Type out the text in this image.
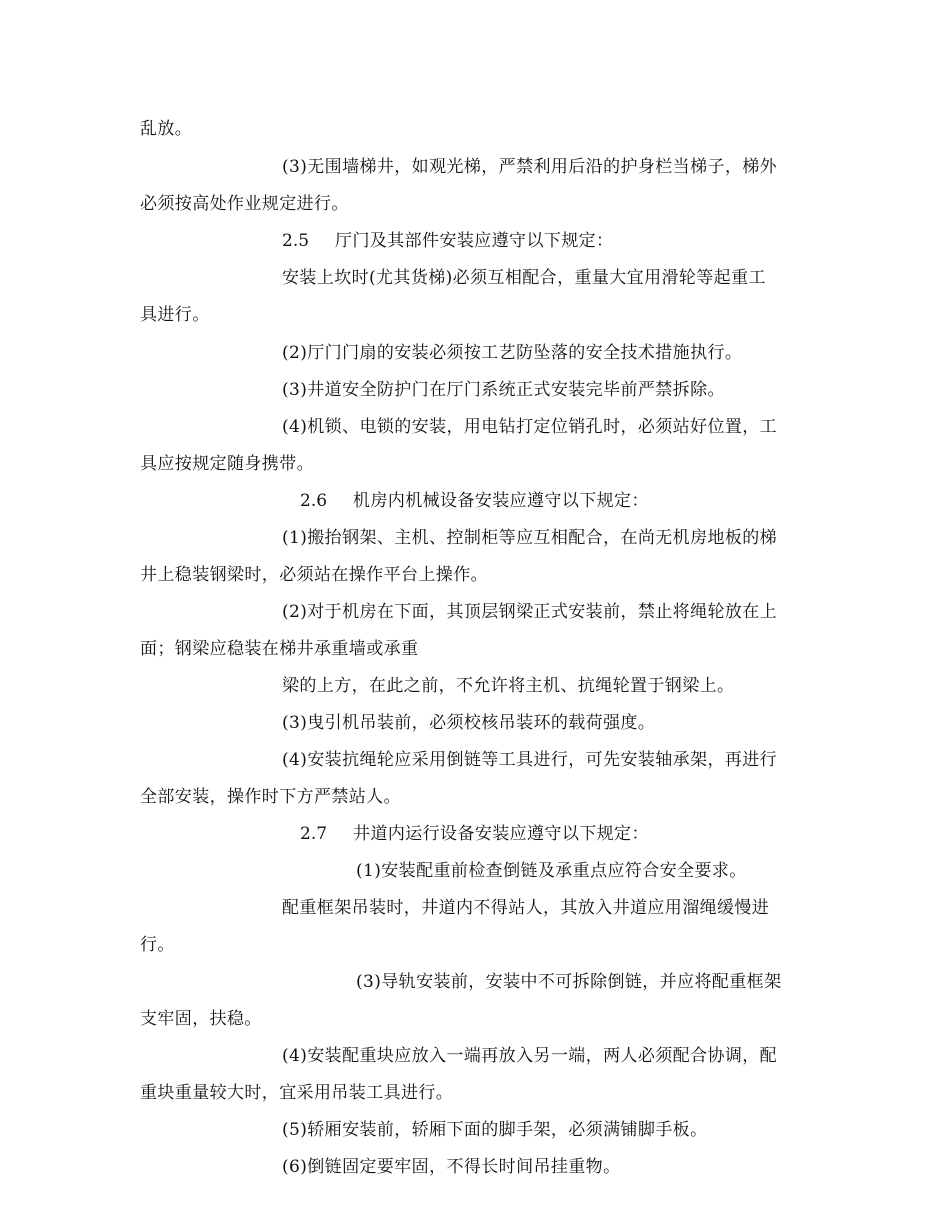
乱放。
(3)无围墙梯井，如观光梯，严禁利用后沿的护身栏当梯子，梯外
必须按高处作业规定进行。
2.5 厅门及其部件安装应遵守以下规定：
安装上坎时(尤其货梯)必须互相配合，重量大宜用滑轮等起重工
具进行。
(2)厅门门扇的安装必须按工艺防坠落的安全技术措施执行。
(3)井道安全防护门在厅门系统正式安装完毕前严禁拆除。
(4)机锁、电锁的安装，用电钻打定位销孔时，必须站好位置，工
具应按规定随身携带。
2.6 机房内机械设备安装应遵守以下规定：
(1)搬抬钢架、主机、控制柜等应互相配合，在尚无机房地板的梯
井上稳装钢梁时，必须站在操作平台上操作。
(2)对于机房在下面，其顶层钢梁正式安装前，禁止将绳轮放在上
面；钢梁应稳装在梯井承重墙或承重
梁的上方，在此之前，不允许将主机、抗绳轮置于钢梁上。
(3)曳引机吊装前，必须校核吊装环的载荷强度。
(4)安装抗绳轮应采用倒链等工具进行，可先安装轴承架，再进行
全部安装，操作时下方严禁站人。
2.7 井道内运行设备安装应遵守以下规定：
(1)安装配重前检查倒链及承重点应符合安全要求。
配重框架吊装时，井道内不得站人，其放入井道应用溜绳缓慢进
行。
(3)导轨安装前，安装中不可拆除倒链，并应将配重框架
支牢固，扶稳。
(4)安装配重块应放入一端再放入另一端，两人必须配合协调，配
重块重量较大时，宜采用吊装工具进行。
(5)轿厢安装前，轿厢下面的脚手架，必须满铺脚手板。
(6)倒链固定要牢固，不得长时间吊挂重物。
